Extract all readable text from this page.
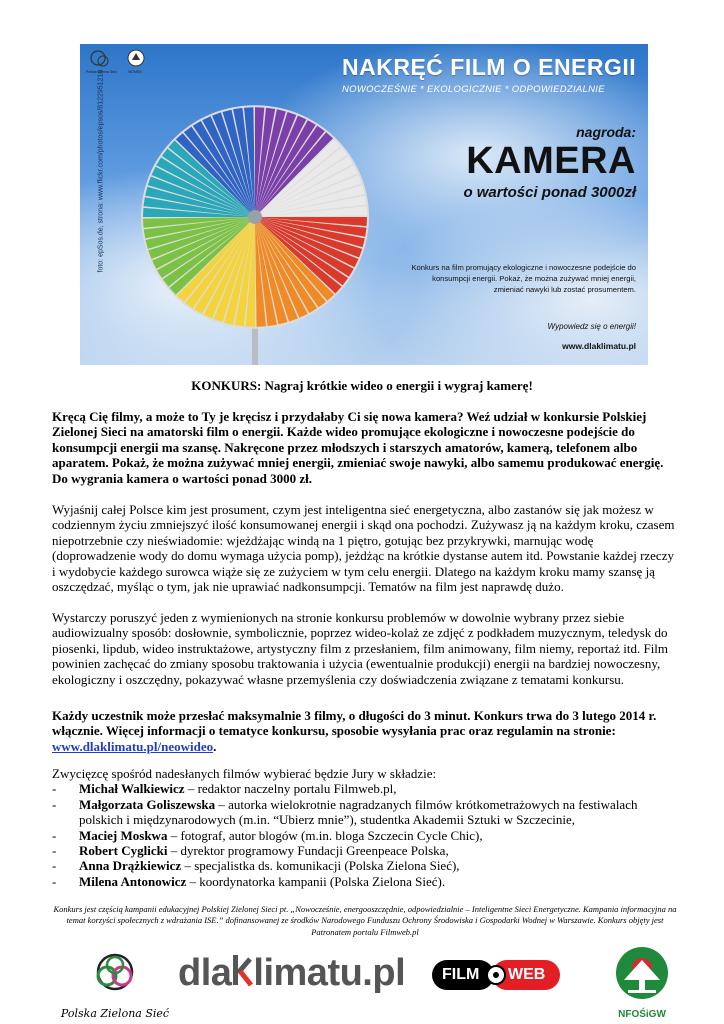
Polska Zielona Sieć	WOMEN
foto: epSos.de, strona: www.flickr.com/photos/epsos/8122951216
NAKRĘĆ FILM O ENERGII
NOWOCZEŚNIE * EKOLOGICZNIE * ODPOWIEDZIALNIE
nagroda:
KAMERA
o wartości ponad 3000zł
Konkurs na film promujący ekologiczne i nowoczesne podejście do konsumpcji energii. Pokaż, że można zużywać mniej energii, zmieniać nawyki lub zostać prosumentem.
Wypowiedz się o energii!
www.dlaklimatu.pl
KONKURS: Nagraj krótkie wideo o energii i wygraj kamerę!

Kręcą Cię filmy, a może to Ty je kręcisz i przydałaby Ci się nowa kamera? Weź udział w konkursie Polskiej Zielonej Sieci na amatorski film o energii. Każde wideo promujące ekologiczne i nowoczesne podejście do konsumpcji energii ma szansę. Nakręcone przez młodszych i starszych amatorów, kamerą, telefonem albo aparatem. Pokaż, że można zużywać mniej energii, zmieniać swoje nawyki, albo samemu produkować energię. Do wygrania kamera o wartości ponad 3000 zł.

Wyjaśnij całej Polsce kim jest prosument, czym jest inteligentna sieć energetyczna, albo zastanów się jak możesz w codziennym życiu zmniejszyć ilość konsumowanej energii i skąd ona pochodzi. Zużywasz ją na każdym kroku, czasem niepotrzebnie czy nieświadomie: wjeżdżając windą na 1 piętro, gotując bez przykrywki, marnując wodę (doprowadzenie wody do domu wymaga użycia pomp), jeżdżąc na krótkie dystanse autem itd. Powstanie każdej rzeczy i wydobycie każdego surowca wiąże się ze zużyciem w tym celu energii. Dlatego na każdym kroku mamy szansę ją oszczędzać, myśląc o tym, jak nie uprawiać nadkonsumpcji. Tematów na film jest naprawdę dużo.

Wystarczy poruszyć jeden z wymienionych na stronie konkursu problemów w dowolnie wybrany przez siebie audiowizualny sposób: dosłownie, symbolicznie, poprzez wideo-kolaż ze zdjęć z podkładem muzycznym, teledysk do piosenki, lipdub, wideo instruktażowe, artystyczny film z przesłaniem, film animowany, film niemy, reportaż itd. Film powinien zachęcać do zmiany sposobu traktowania i użycia (ewentualnie produkcji) energii na bardziej nowoczesny, ekologiczny i oszczędny, pokazywać własne przemyślenia czy doświadczenia związane z tematami konkursu.

Każdy uczestnik może przesłać maksymalnie 3 filmy, o długości do 3 minut. Konkurs trwa do 3 lutego 2014 r. włącznie. Więcej informacji o tematyce konkursu, sposobie wysyłania prac oraz regulamin na stronie: www.dlaklimatu.pl/neowideo.

Zwycięzcę spośród nadesłanych filmów wybierać będzie Jury w składzie:

- Michał Walkiewicz – redaktor naczelny portalu Filmweb.pl,
- Małgorzata Goliszewska – autorka wielokrotnie nagradzanych filmów krótkometrażowych na festiwalach polskich i międzynarodowych (m.in. “Ubierz mnie”), studentka Akademii Sztuki w Szczecinie,
- Maciej Moskwa – fotograf, autor blogów (m.in. bloga Szczecin Cycle Chic),
- Robert Cyglicki – dyrektor programowy Fundacji Greenpeace Polska,
- Anna Drążkiewicz – specjalistka ds. komunikacji (Polska Zielona Sieć),
- Milena Antonowicz – koordynatorka kampanii (Polska Zielona Sieć).
Konkurs jest częścią kampanii edukacyjnej Polskiej Zielonej Sieci pt. „Nowocześnie, energooszczędnie, odpowiedzialnie – Inteligentne Sieci Energetyczne. Kampania informacyjna na temat korzyści społecznych z wdrażania ISE.” dofinansowanej ze środków Narodowego Funduszu Ochrony Środowiska i Gospodarki Wodnej w Warszawie. Konkurs objęty jest Patronatem portalu Filmweb.pl
Polska Zielona Sieć
dla limatu.pl FILM WEB
NFOŚiGW
